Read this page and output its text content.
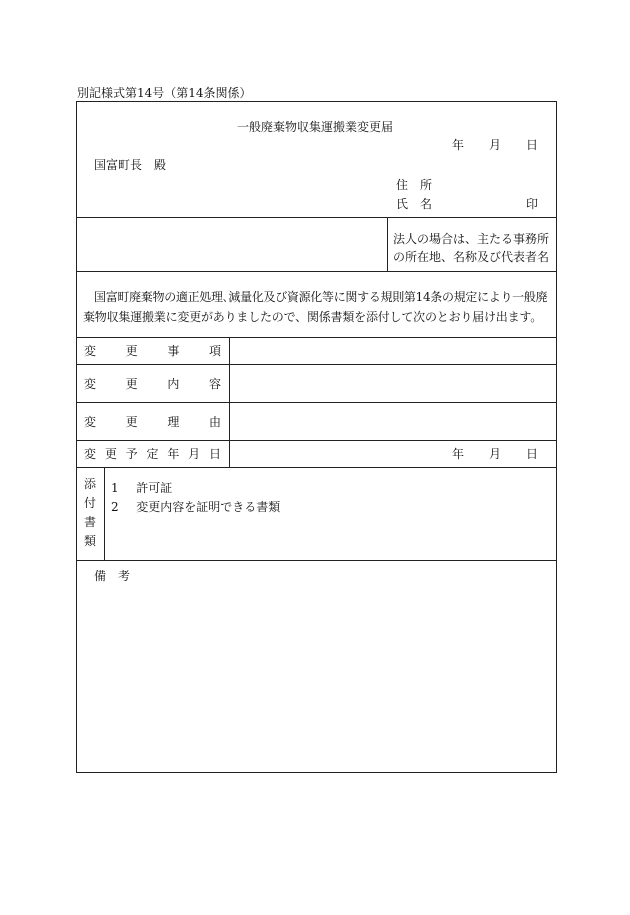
別記様式第14号（第14条関係）
一般廃棄物収集運搬業変更届
年 月 日
国富町長　殿
住　所
氏　名	印
法人の場合は、主たる事務所
の所在地、名称及び代表者名
国富町廃棄物の適正処理､減量化及び資源化等に関する規則第14条の規定により一般廃
棄物収集運搬業に変更がありましたので、関係書類を添付して次のとおり届け出ます。
変 更 事 項
変 更 内 容
変 更 理 由
変 更 予 定 年 月 日	年 月 日
添
付
書
類
1 許可証
2 変更内容を証明できる書類
備　考
